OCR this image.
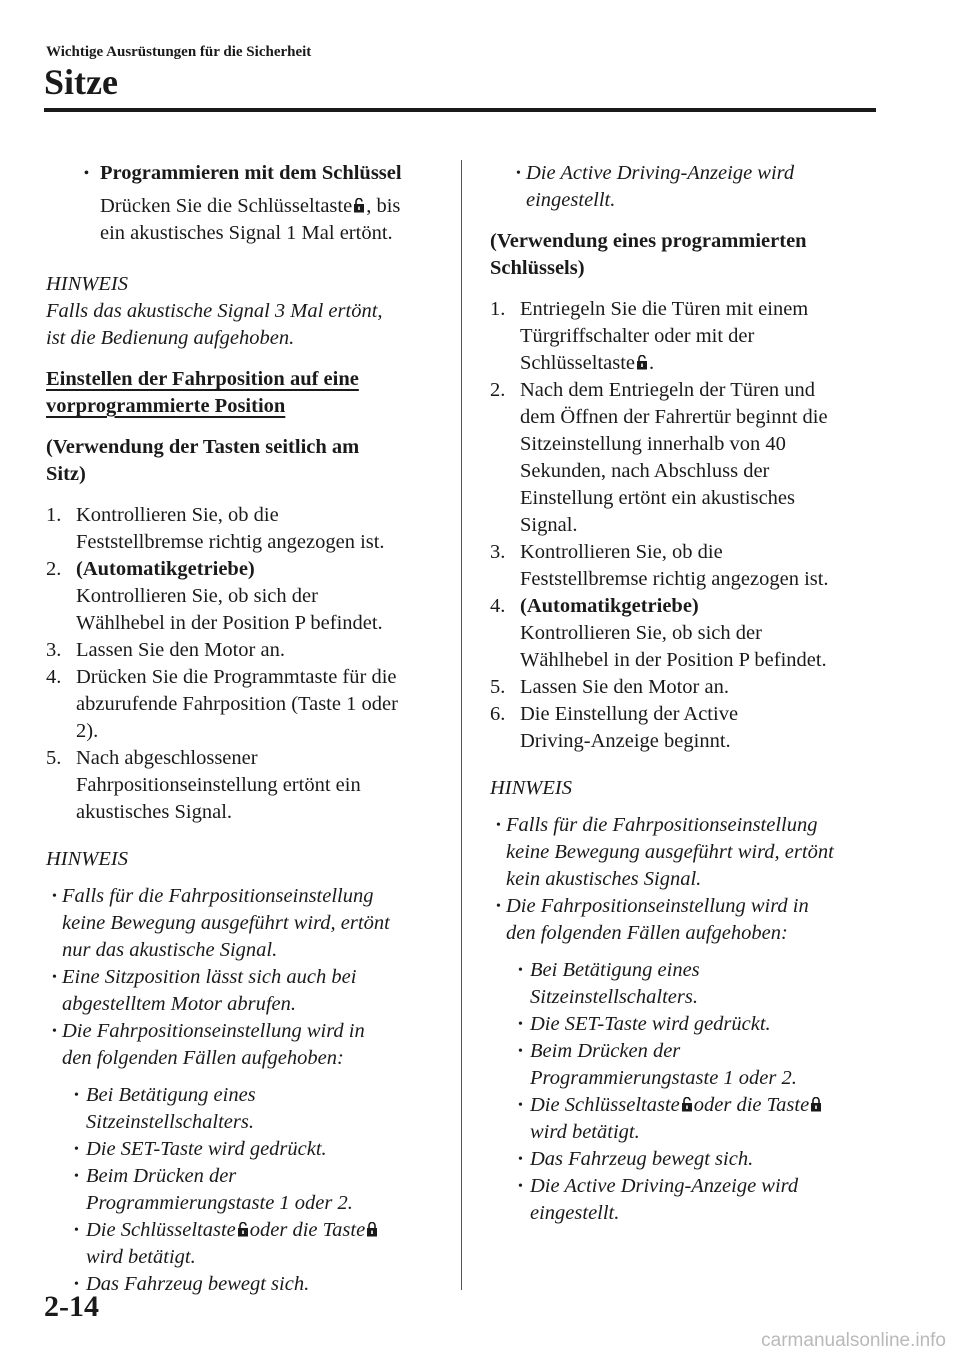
Wichtige Ausrüstungen für die Sicherheit
Sitze
• Programmieren mit dem Schlüssel
Drücken Sie die Schlüsseltaste , bis
ein akustisches Signal 1 Mal ertönt.
HINWEIS
Falls das akustische Signal 3 Mal ertönt,
ist die Bedienung aufgehoben.
Einstellen der Fahrposition auf eine
vorprogrammierte Position
(Verwendung der Tasten seitlich am
Sitz)
1. Kontrollieren Sie, ob die
Feststellbremse richtig angezogen ist.
2. (Automatikgetriebe)
Kontrollieren Sie, ob sich der
Wählhebel in der Position P befindet.
3. Lassen Sie den Motor an.
4. Drücken Sie die Programmtaste für die
abzurufende Fahrposition (Taste 1 oder
2).
5. Nach abgeschlossener
Fahrpositionseinstellung ertönt ein
akustisches Signal.
HINWEIS
• Falls für die Fahrpositionseinstellung
keine Bewegung ausgeführt wird, ertönt
nur das akustische Signal.
• Eine Sitzposition lässt sich auch bei
abgestelltem Motor abrufen.
• Die Fahrpositionseinstellung wird in
den folgenden Fällen aufgehoben:
• Bei Betätigung eines
Sitzeinstellschalters.
• Die SET-Taste wird gedrückt.
• Beim Drücken der
Programmierungstaste 1 oder 2.
• Die Schlüsseltaste oder die Taste

wird betätigt.
• Das Fahrzeug bewegt sich.
• Die Active Driving-Anzeige wird
eingestellt.
(Verwendung eines programmierten
Schlüssels)
1. Entriegeln Sie die Türen mit einem
Türgriffschalter oder mit der
Schlüsseltaste .
2. Nach dem Entriegeln der Türen und
dem Öffnen der Fahrertür beginnt die
Sitzeinstellung innerhalb von 40
Sekunden, nach Abschluss der
Einstellung ertönt ein akustisches
Signal.
3. Kontrollieren Sie, ob die
Feststellbremse richtig angezogen ist.
4. (Automatikgetriebe)
Kontrollieren Sie, ob sich der
Wählhebel in der Position P befindet.
5. Lassen Sie den Motor an.
6. Die Einstellung der Active
Driving-Anzeige beginnt.
HINWEIS
• Falls für die Fahrpositionseinstellung
keine Bewegung ausgeführt wird, ertönt
kein akustisches Signal.
• Die Fahrpositionseinstellung wird in
den folgenden Fällen aufgehoben:
• Bei Betätigung eines
Sitzeinstellschalters.
• Die SET-Taste wird gedrückt.
• Beim Drücken der
Programmierungstaste 1 oder 2.
• Die Schlüsseltaste oder die Taste

wird betätigt.
• Das Fahrzeug bewegt sich.
• Die Active Driving-Anzeige wird
eingestellt.
2-14
carmanualsonline.info
